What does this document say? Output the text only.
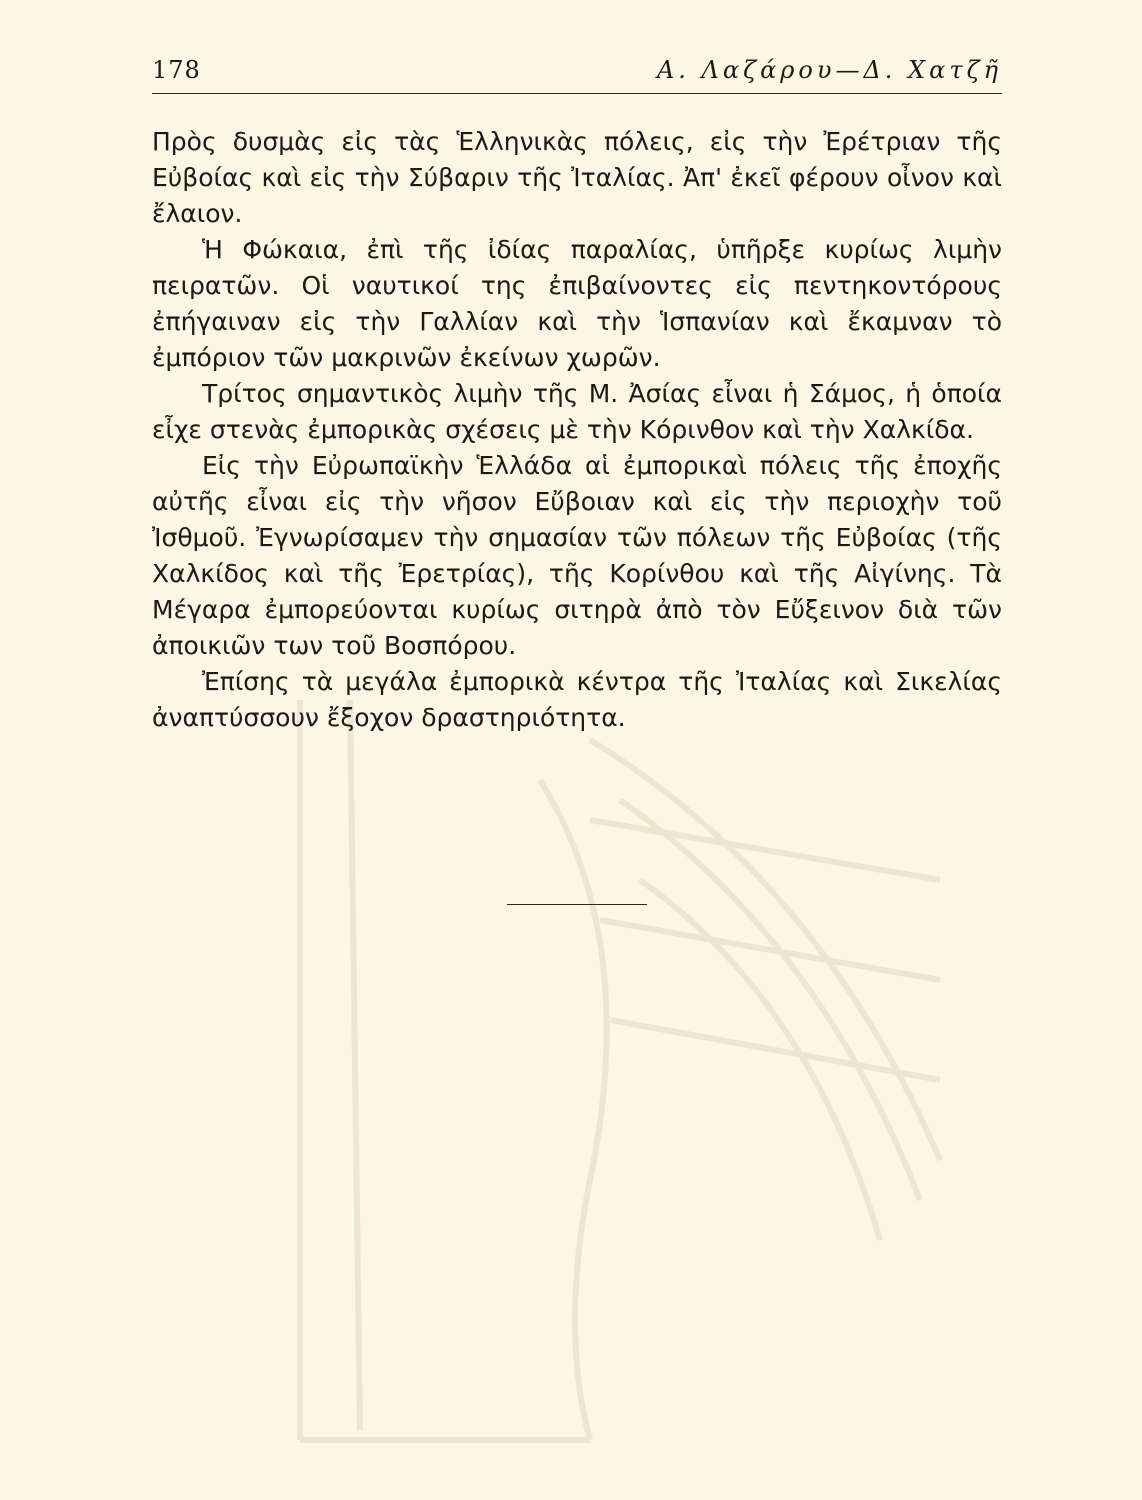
178	Α. Λαζάρου—Δ. Χατζῆ

Πρὸς δυσμὰς εἰς τὰς Ἑλληνικὰς πόλεις, εἰς τὴν Ἐρέτριαν τῆς Εὐβοίας καὶ εἰς τὴν Σύβαριν τῆς Ἰταλίας. Ἀπ' ἐκεῖ φέρουν οἶνον καὶ ἔλαιον.

Ἡ Φώκαια, ἐπὶ τῆς ἰδίας παραλίας, ὑπῆρξε κυρίως λιμὴν πειρατῶν. Οἱ ναυτικοί της ἐπιβαίνοντες εἰς πεντηκοντόρους ἐπήγαιναν εἰς τὴν Γαλλίαν καὶ τὴν Ἱσπανίαν καὶ ἔκαμναν τὸ ἐμπόριον τῶν μακρινῶν ἐκείνων χωρῶν.

Τρίτος σημαντικὸς λιμὴν τῆς Μ. Ἀσίας εἶναι ἡ Σάμος, ἡ ὁποία εἶχε στενὰς ἐμπορικὰς σχέσεις μὲ τὴν Κόρινθον καὶ τὴν Χαλκίδα.

Εἰς τὴν Εὐρωπαϊκὴν Ἑλλάδα αἱ ἐμπορικαὶ πόλεις τῆς ἐποχῆς αὐτῆς εἶναι εἰς τὴν νῆσον Εὔβοιαν καὶ εἰς τὴν περιοχὴν τοῦ Ἰσθμοῦ. Ἐγνωρίσαμεν τὴν σημασίαν τῶν πόλεων τῆς Εὐβοίας (τῆς Χαλκίδος καὶ τῆς Ἐρετρίας), τῆς Κορίνθου καὶ τῆς Αἰγίνης. Τὰ Μέγαρα ἐμπορεύονται κυρίως σιτηρὰ ἀπὸ τὸν Εὔξεινον διὰ τῶν ἀποικιῶν των τοῦ Βοσπόρου.

Ἐπίσης τὰ μεγάλα ἐμπορικὰ κέντρα τῆς Ἰταλίας καὶ Σικελίας ἀναπτύσσουν ἔξοχον δραστηριότητα.
